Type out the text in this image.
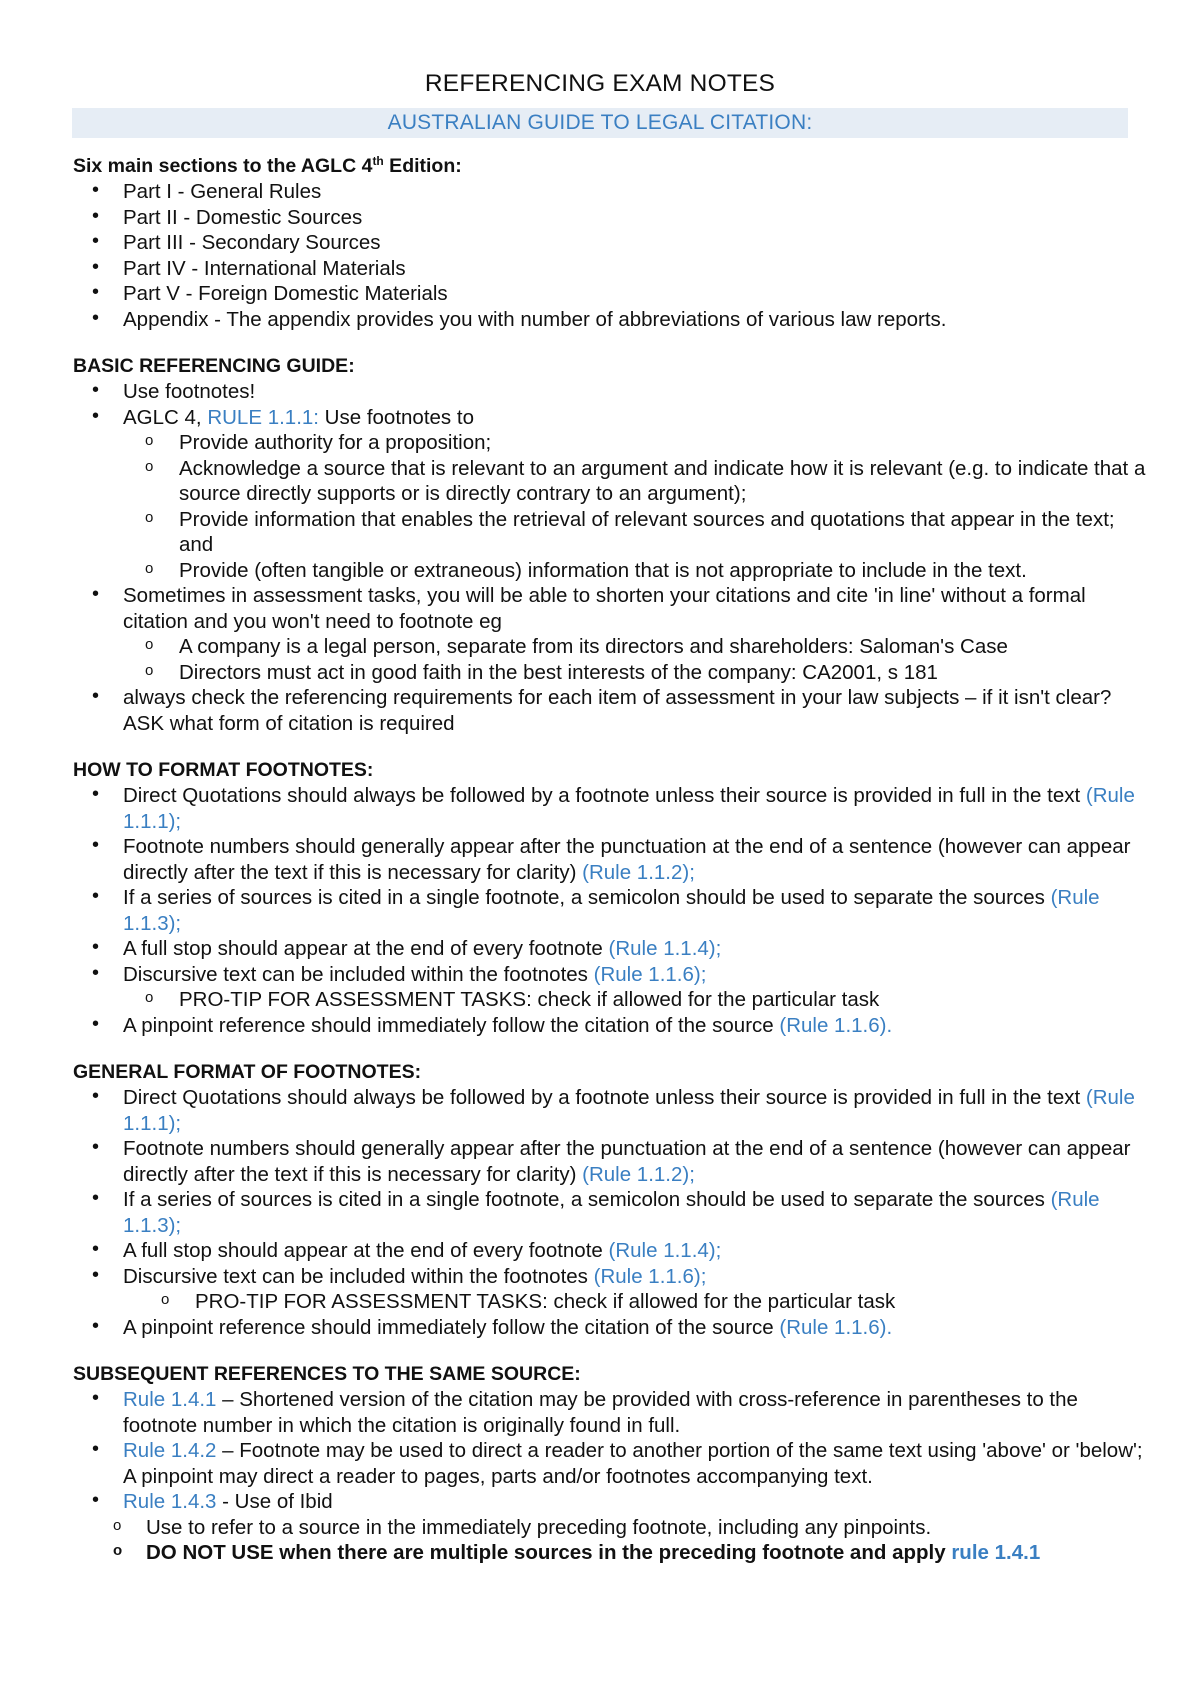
REFERENCING EXAM NOTES
AUSTRALIAN GUIDE TO LEGAL CITATION:
Six main sections to the AGLC 4th Edition:
• Part I - General Rules
• Part II - Domestic Sources
• Part III - Secondary Sources
• Part IV - International Materials
• Part V - Foreign Domestic Materials
• Appendix - The appendix provides you with number of abbreviations of various law reports.
BASIC REFERENCING GUIDE:
• Use footnotes!
• AGLC 4, RULE 1.1.1: Use footnotes to
o Provide authority for a proposition;
o Acknowledge a source that is relevant to an argument and indicate how it is relevant (e.g. to indicate that a source directly supports or is directly contrary to an argument);
o Provide information that enables the retrieval of relevant sources and quotations that appear in the text; and
o Provide (often tangible or extraneous) information that is not appropriate to include in the text.
• Sometimes in assessment tasks, you will be able to shorten your citations and cite 'in line' without a formal citation and you won't need to footnote eg
o A company is a legal person, separate from its directors and shareholders: Saloman's Case
o Directors must act in good faith in the best interests of the company: CA2001, s 181
• always check the referencing requirements for each item of assessment in your law subjects – if it isn't clear? ASK what form of citation is required
HOW TO FORMAT FOOTNOTES:
• Direct Quotations should always be followed by a footnote unless their source is provided in full in the text (Rule 1.1.1);
• Footnote numbers should generally appear after the punctuation at the end of a sentence (however can appear directly after the text if this is necessary for clarity) (Rule 1.1.2);
• If a series of sources is cited in a single footnote, a semicolon should be used to separate the sources (Rule 1.1.3);
• A full stop should appear at the end of every footnote (Rule 1.1.4);
• Discursive text can be included within the footnotes (Rule 1.1.6);
o PRO-TIP FOR ASSESSMENT TASKS: check if allowed for the particular task
• A pinpoint reference should immediately follow the citation of the source (Rule 1.1.6).
GENERAL FORMAT OF FOOTNOTES:
• Direct Quotations should always be followed by a footnote unless their source is provided in full in the text (Rule 1.1.1);
• Footnote numbers should generally appear after the punctuation at the end of a sentence (however can appear directly after the text if this is necessary for clarity) (Rule 1.1.2);
• If a series of sources is cited in a single footnote, a semicolon should be used to separate the sources (Rule 1.1.3);
• A full stop should appear at the end of every footnote (Rule 1.1.4);
• Discursive text can be included within the footnotes (Rule 1.1.6);
o PRO-TIP FOR ASSESSMENT TASKS: check if allowed for the particular task
• A pinpoint reference should immediately follow the citation of the source (Rule 1.1.6).
SUBSEQUENT REFERENCES TO THE SAME SOURCE:
• Rule 1.4.1 – Shortened version of the citation may be provided with cross-reference in parentheses to the footnote number in which the citation is originally found in full.
• Rule 1.4.2 – Footnote may be used to direct a reader to another portion of the same text using 'above' or 'below'; A pinpoint may direct a reader to pages, parts and/or footnotes accompanying text.
• Rule 1.4.3 - Use of Ibid
o Use to refer to a source in the immediately preceding footnote, including any pinpoints.
o DO NOT USE when there are multiple sources in the preceding footnote and apply rule 1.4.1
